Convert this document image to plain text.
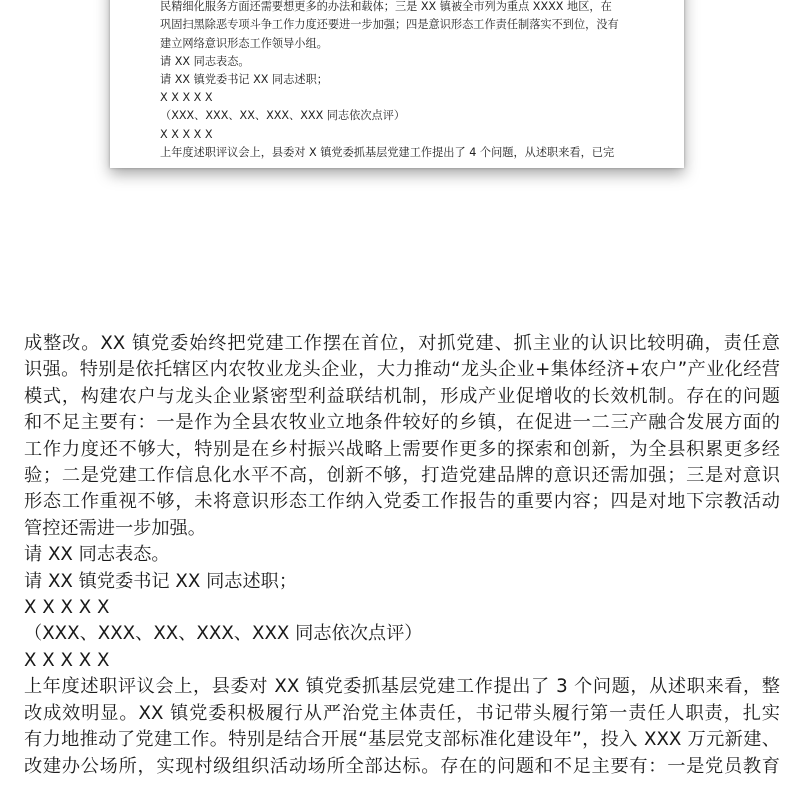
民精细化服务方面还需要想更多的办法和载体；三是 XX 镇被全市列为重点 XXXX 地区，在
巩固扫黑除恶专项斗争工作力度还要进一步加强；四是意识形态工作责任制落实不到位，没有
建立网络意识形态工作领导小组。
请 XX 同志表态。
请 XX 镇党委书记 XX 同志述职；
X X X X X
（XXX、XXX、XX、XXX、XXX 同志依次点评）
X X X X X
上年度述职评议会上，县委对 X 镇党委抓基层党建工作提出了 4 个问题，从述职来看，已完
成整改。XX 镇党委始终把党建工作摆在首位，对抓党建、抓主业的认识比较明确，责任意
识强。特别是依托辖区内农牧业龙头企业，大力推动“龙头企业+集体经济+农户”产业化经营
模式，构建农户与龙头企业紧密型利益联结机制，形成产业促增收的长效机制。存在的问题
和不足主要有：一是作为全县农牧业立地条件较好的乡镇，在促进一二三产融合发展方面的
工作力度还不够大，特别是在乡村振兴战略上需要作更多的探索和创新，为全县积累更多经
验；二是党建工作信息化水平不高，创新不够，打造党建品牌的意识还需加强；三是对意识
形态工作重视不够，未将意识形态工作纳入党委工作报告的重要内容；四是对地下宗教活动
管控还需进一步加强。
请 XX 同志表态。
请 XX 镇党委书记 XX 同志述职；
X X X X X
（XXX、XXX、XX、XXX、XXX 同志依次点评）
X X X X X
上年度述职评议会上，县委对 XX 镇党委抓基层党建工作提出了 3 个问题，从述职来看，整
改成效明显。XX 镇党委积极履行从严治党主体责任，书记带头履行第一责任人职责，扎实
有力地推动了党建工作。特别是结合开展“基层党支部标准化建设年”，投入 XXX 万元新建、
改建办公场所，实现村级组织活动场所全部达标。存在的问题和不足主要有：一是党员教育
